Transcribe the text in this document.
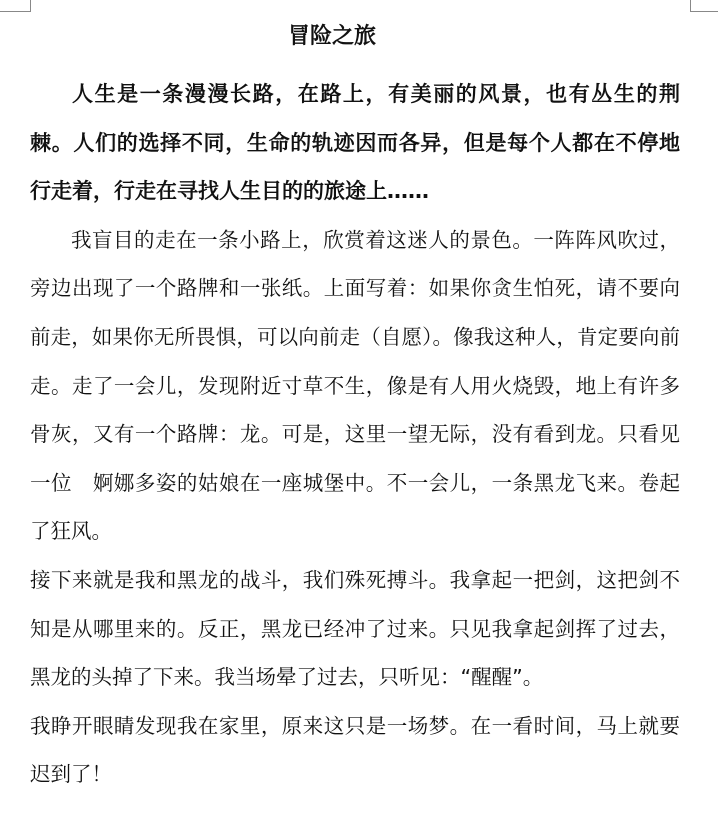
冒险之旅

人生是一条漫漫长路，在路上，有美丽的风景，也有丛生的荆棘。人们的选择不同，生命的轨迹因而各异，但是每个人都在不停地行走着，行走在寻找人生目的的旅途上……

我盲目的走在一条小路上，欣赏着这迷人的景色。一阵阵风吹过，旁边出现了一个路牌和一张纸。上面写着：如果你贪生怕死，请不要向前走，如果你无所畏惧，可以向前走（自愿）。像我这种人，肯定要向前走。走了一会儿，发现附近寸草不生，像是有人用火烧毁，地上有许多骨灰，又有一个路牌：龙。可是，这里一望无际，没有看到龙。只看见一位　婀娜多姿的姑娘在一座城堡中。不一会儿，一条黑龙飞来。卷起了狂风。

接下来就是我和黑龙的战斗，我们殊死搏斗。我拿起一把剑，这把剑不知是从哪里来的。反正，黑龙已经冲了过来。只见我拿起剑挥了过去，黑龙的头掉了下来。我当场晕了过去，只听见：“醒醒”。

我睁开眼睛发现我在家里，原来这只是一场梦。在一看时间，马上就要迟到了！
